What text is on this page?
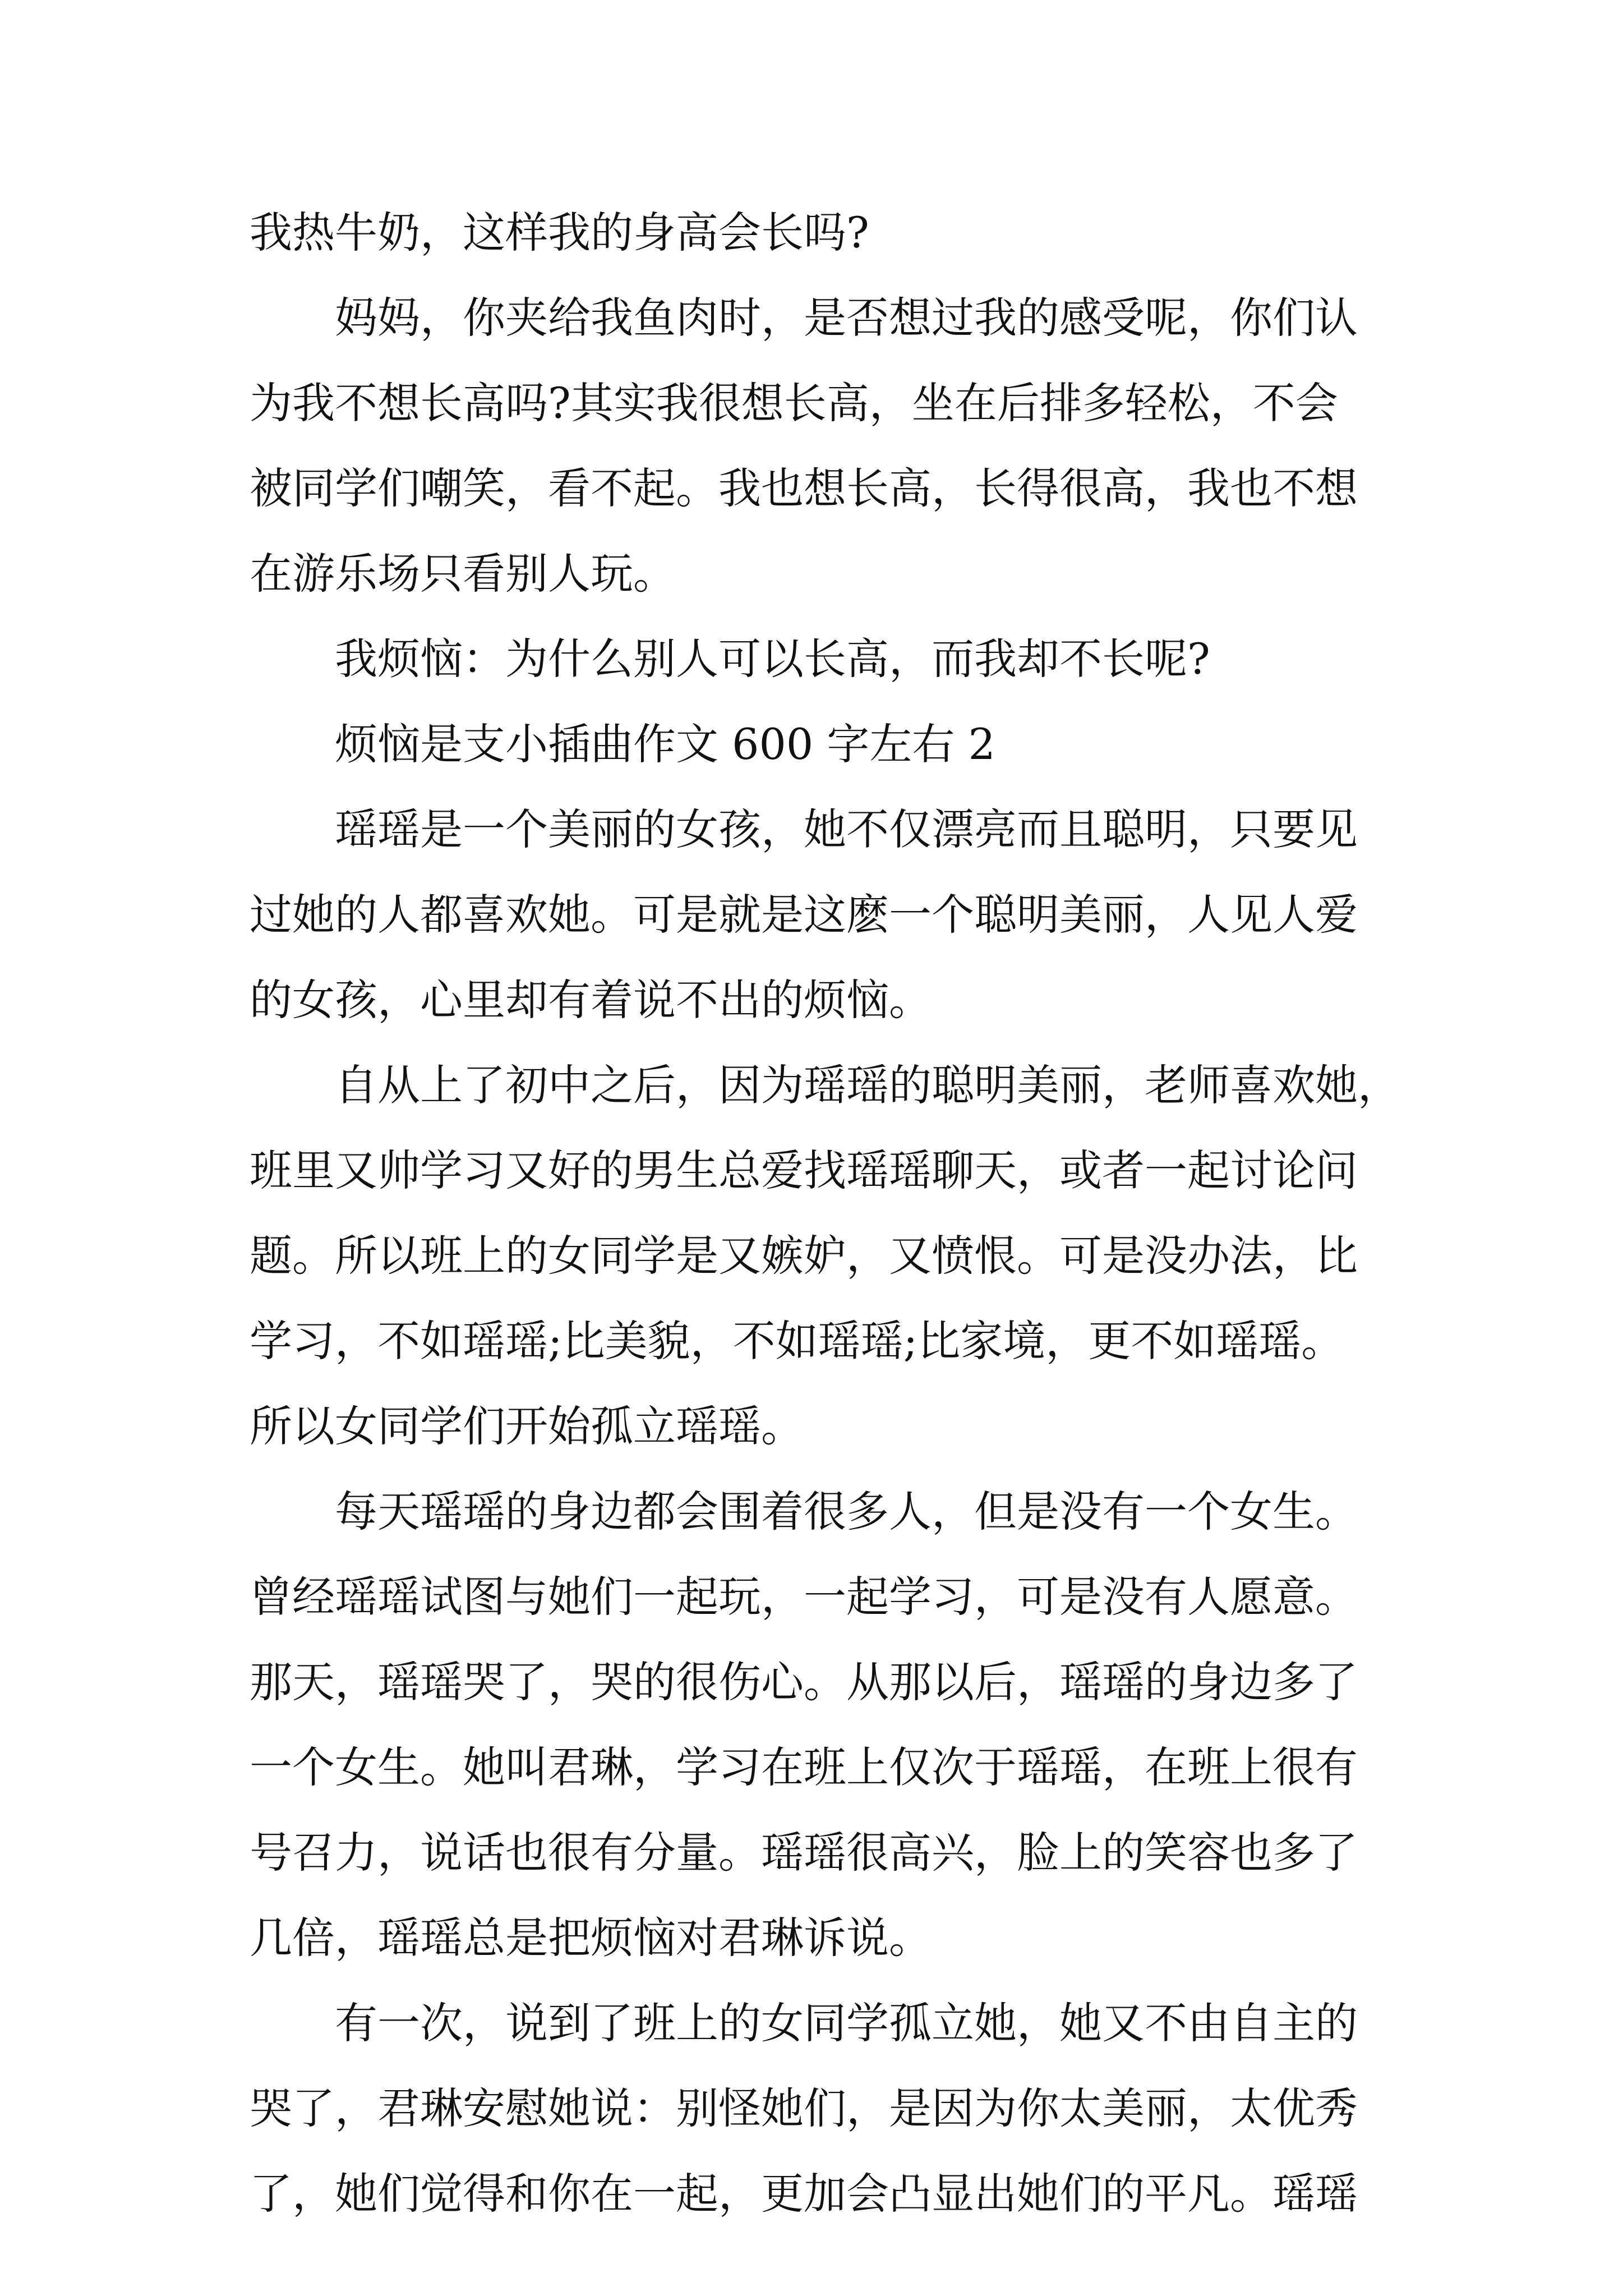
我热牛奶，这样我的身高会长吗?
妈妈，你夹给我鱼肉时，是否想过我的感受呢，你们认
为我不想长高吗?其实我很想长高，坐在后排多轻松，不会
被同学们嘲笑，看不起。我也想长高，长得很高，我也不想
在游乐场只看别人玩。
我烦恼：为什么别人可以长高，而我却不长呢?
烦恼是支小插曲作文 600 字左右 2
瑶瑶是一个美丽的女孩，她不仅漂亮而且聪明，只要见
过她的人都喜欢她。可是就是这麽一个聪明美丽，人见人爱
的女孩，心里却有着说不出的烦恼。
自从上了初中之后，因为瑶瑶的聪明美丽，老师喜欢她，
班里又帅学习又好的男生总爱找瑶瑶聊天，或者一起讨论问
题。所以班上的女同学是又嫉妒，又愤恨。可是没办法，比
学习，不如瑶瑶;比美貌，不如瑶瑶;比家境，更不如瑶瑶。
所以女同学们开始孤立瑶瑶。
每天瑶瑶的身边都会围着很多人，但是没有一个女生。
曾经瑶瑶试图与她们一起玩，一起学习，可是没有人愿意。
那天，瑶瑶哭了，哭的很伤心。从那以后，瑶瑶的身边多了
一个女生。她叫君琳，学习在班上仅次于瑶瑶，在班上很有
号召力，说话也很有分量。瑶瑶很高兴，脸上的笑容也多了
几倍，瑶瑶总是把烦恼对君琳诉说。
有一次，说到了班上的女同学孤立她，她又不由自主的
哭了，君琳安慰她说：别怪她们，是因为你太美丽，太优秀
了，她们觉得和你在一起，更加会凸显出她们的平凡。瑶瑶
